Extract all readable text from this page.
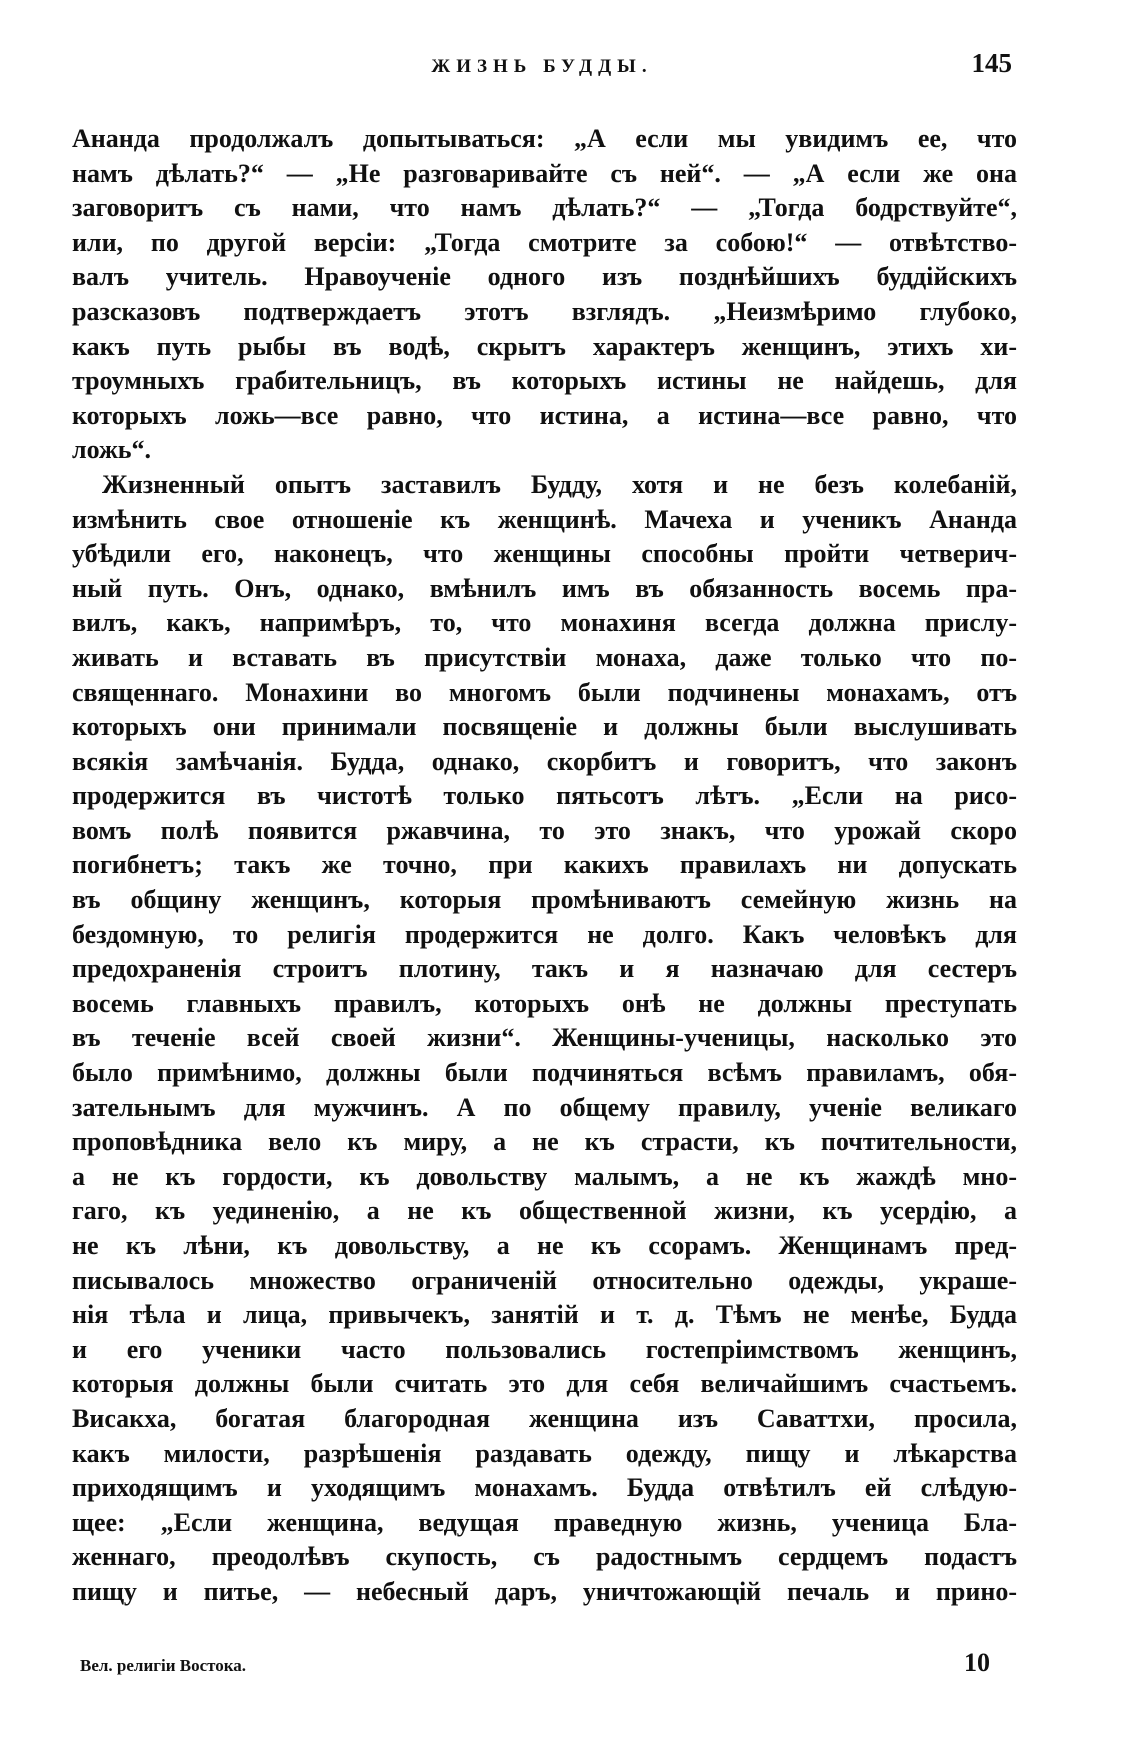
ЖИЗНЬ БУДДЫ.	145
Ананда продолжалъ допытываться: „А если мы увидимъ ее, что
намъ дѣлать?“ — „Не разговаривайте съ ней“. — „А если же она
заговоритъ съ нами, что намъ дѣлать?“ — „Тогда бодрствуйте“,
или, по другой версіи: „Тогда смотрите за собою!“ — отвѣтство-
валъ учитель. Нравоученіе одного изъ позднѣйшихъ буддійскихъ
разсказовъ подтверждаетъ этотъ взглядъ. „Неизмѣримо глубоко,
какъ путь рыбы въ водѣ, скрытъ характеръ женщинъ, этихъ хи-
троумныхъ грабительницъ, въ которыхъ истины не найдешь, для
которыхъ ложь—все равно, что истина, а истина—все равно, что
ложь“.
Жизненный опытъ заставилъ Будду, хотя и не безъ колебаній,
измѣнить свое отношеніе къ женщинѣ. Мачеха и ученикъ Ананда
убѣдили его, наконецъ, что женщины способны пройти четверич-
ный путь. Онъ, однако, вмѣнилъ имъ въ обязанность восемь пра-
вилъ, какъ, напримѣръ, то, что монахиня всегда должна прислу-
живать и вставать въ присутствіи монаха, даже только что по-
священнаго. Монахини во многомъ были подчинены монахамъ, отъ
которыхъ они принимали посвященіе и должны были выслушивать
всякія замѣчанія. Будда, однако, скорбитъ и говоритъ, что законъ
продержится въ чистотѣ только пятьсотъ лѣтъ. „Если на рисо-
вомъ полѣ появится ржавчина, то это знакъ, что урожай скоро
погибнетъ; такъ же точно, при какихъ правилахъ ни допускать
въ общину женщинъ, которыя промѣниваютъ семейную жизнь на
бездомную, то религія продержится не долго. Какъ человѣкъ для
предохраненія строитъ плотину, такъ и я назначаю для сестеръ
восемь главныхъ правилъ, которыхъ онѣ не должны преступать
въ теченіе всей своей жизни“. Женщины-ученицы, насколько это
было примѣнимо, должны были подчиняться всѣмъ правиламъ, обя-
зательнымъ для мужчинъ. А по общему правилу, ученіе великаго
проповѣдника вело къ миру, а не къ страсти, къ почтительности,
а не къ гордости, къ довольству малымъ, а не къ жаждѣ мно-
гаго, къ уединенію, а не къ общественной жизни, къ усердію, а
не къ лѣни, къ довольству, а не къ ссорамъ. Женщинамъ пред-
писывалось множество ограниченій относительно одежды, украше-
нія тѣла и лица, привычекъ, занятій и т. д. Тѣмъ не менѣе, Будда
и его ученики часто пользовались гостепріимствомъ женщинъ,
которыя должны были считать это для себя величайшимъ счастьемъ.
Висакха, богатая благородная женщина изъ Саваттхи, просила,
какъ милости, разрѣшенія раздавать одежду, пищу и лѣкарства
приходящимъ и уходящимъ монахамъ. Будда отвѣтилъ ей слѣдую-
щее: „Если женщина, ведущая праведную жизнь, ученица Бла-
женнаго, преодолѣвъ скупость, съ радостнымъ сердцемъ подастъ
пищу и питье, — небесный даръ, уничтожающій печаль и прино-
Вел. религіи Востока.	10
